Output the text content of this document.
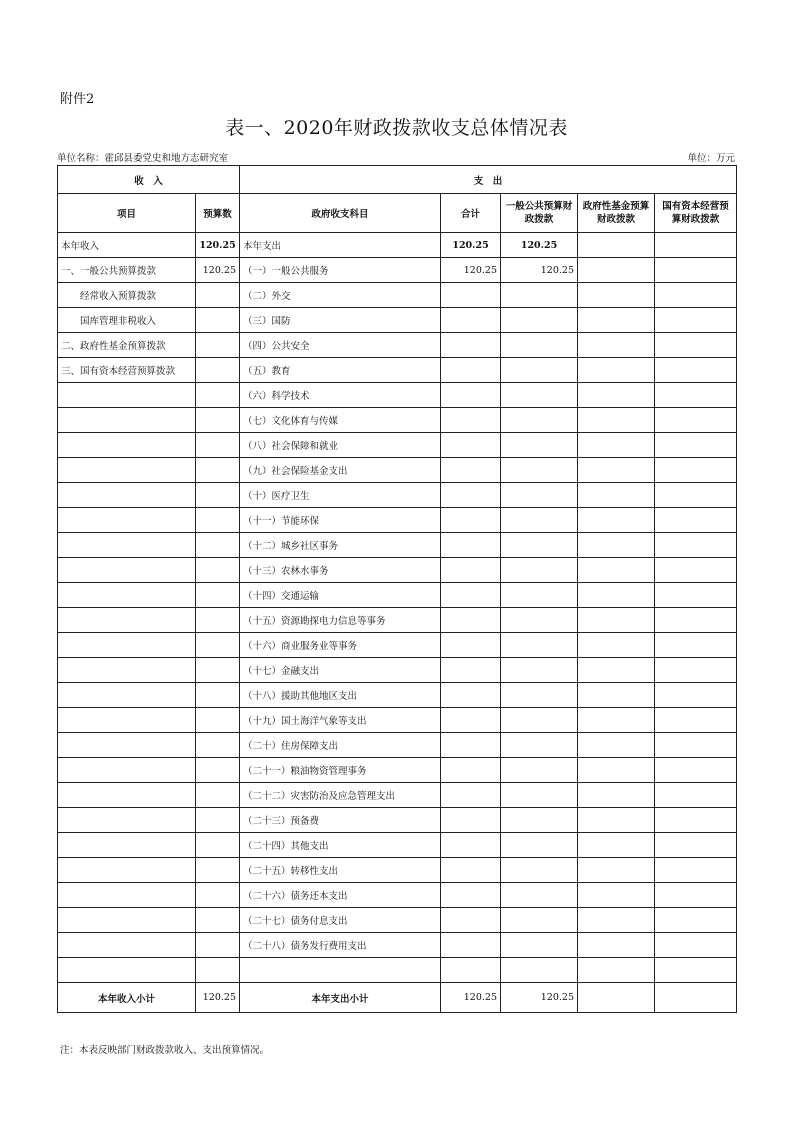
附件2
表一、2020年财政拨款收支总体情况表
单位名称：霍邱县委党史和地方志研究室	单位：万元
收　入		支　出				
项目	预算数	政府收支科目	合计	一般公共预算财政拨款	政府性基金预算财政拨款	国有资本经营预算财政拨款
本年收入	120.25	本年支出	120.25	120.25		
一、一般公共预算拨款	120.25	（一）一般公共服务	120.25	120.25		
经常收入预算拨款		（二）外交				
国库管理非税收入		（三）国防				
二、政府性基金预算拨款		（四）公共安全				
三、国有资本经营预算拨款		（五）教育				
		（六）科学技术				
		（七）文化体育与传媒				
		（八）社会保障和就业				
		（九）社会保险基金支出				
		（十）医疗卫生				
		（十一）节能环保				
		（十二）城乡社区事务				
		（十三）农林水事务				
		（十四）交通运输				
		（十五）资源勘探电力信息等事务				
		（十六）商业服务业等事务				
		（十七）金融支出				
		（十八）援助其他地区支出				
		（十九）国土海洋气象等支出				
		（二十）住房保障支出				
		（二十一）粮油物资管理事务				
		（二十二）灾害防治及应急管理支出				
		（二十三）预备费				
		（二十四）其他支出				
		（二十五）转移性支出				
		（二十六）债务还本支出				
		（二十七）债务付息支出				
		（二十八）债务发行费用支出				

本年收入小计	120.25	本年支出小计	120.25	120.25		
注：本表反映部门财政拨款收入、支出预算情况。
